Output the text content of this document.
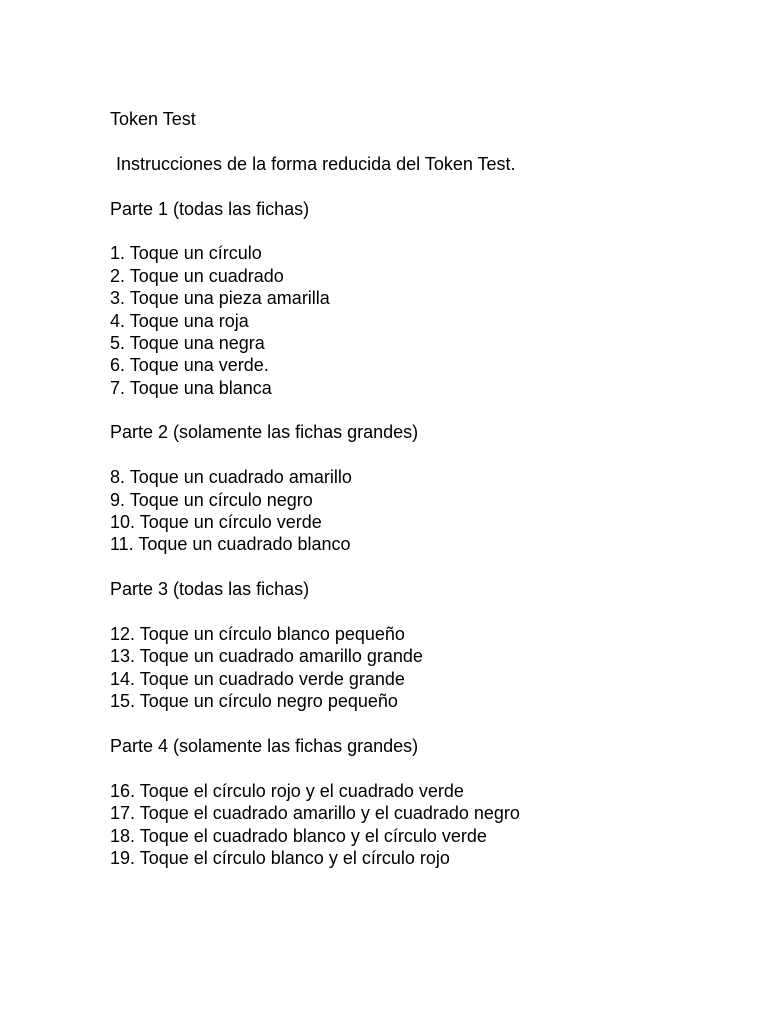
Token Test
Instrucciones de la forma reducida del Token Test.
Parte 1 (todas las fichas)
1. Toque un círculo
2. Toque un cuadrado
3. Toque una pieza amarilla
4. Toque una roja
5. Toque una negra
6. Toque una verde.
7. Toque una blanca
Parte 2 (solamente las fichas grandes)
8. Toque un cuadrado amarillo
9. Toque un círculo negro
10. Toque un círculo verde
11. Toque un cuadrado blanco
Parte 3 (todas las fichas)
12. Toque un círculo blanco pequeño
13. Toque un cuadrado amarillo grande
14. Toque un cuadrado verde grande
15. Toque un círculo negro pequeño
Parte 4 (solamente las fichas grandes)
16. Toque el círculo rojo y el cuadrado verde
17. Toque el cuadrado amarillo y el cuadrado negro
18. Toque el cuadrado blanco y el círculo verde
19. Toque el círculo blanco y el círculo rojo
